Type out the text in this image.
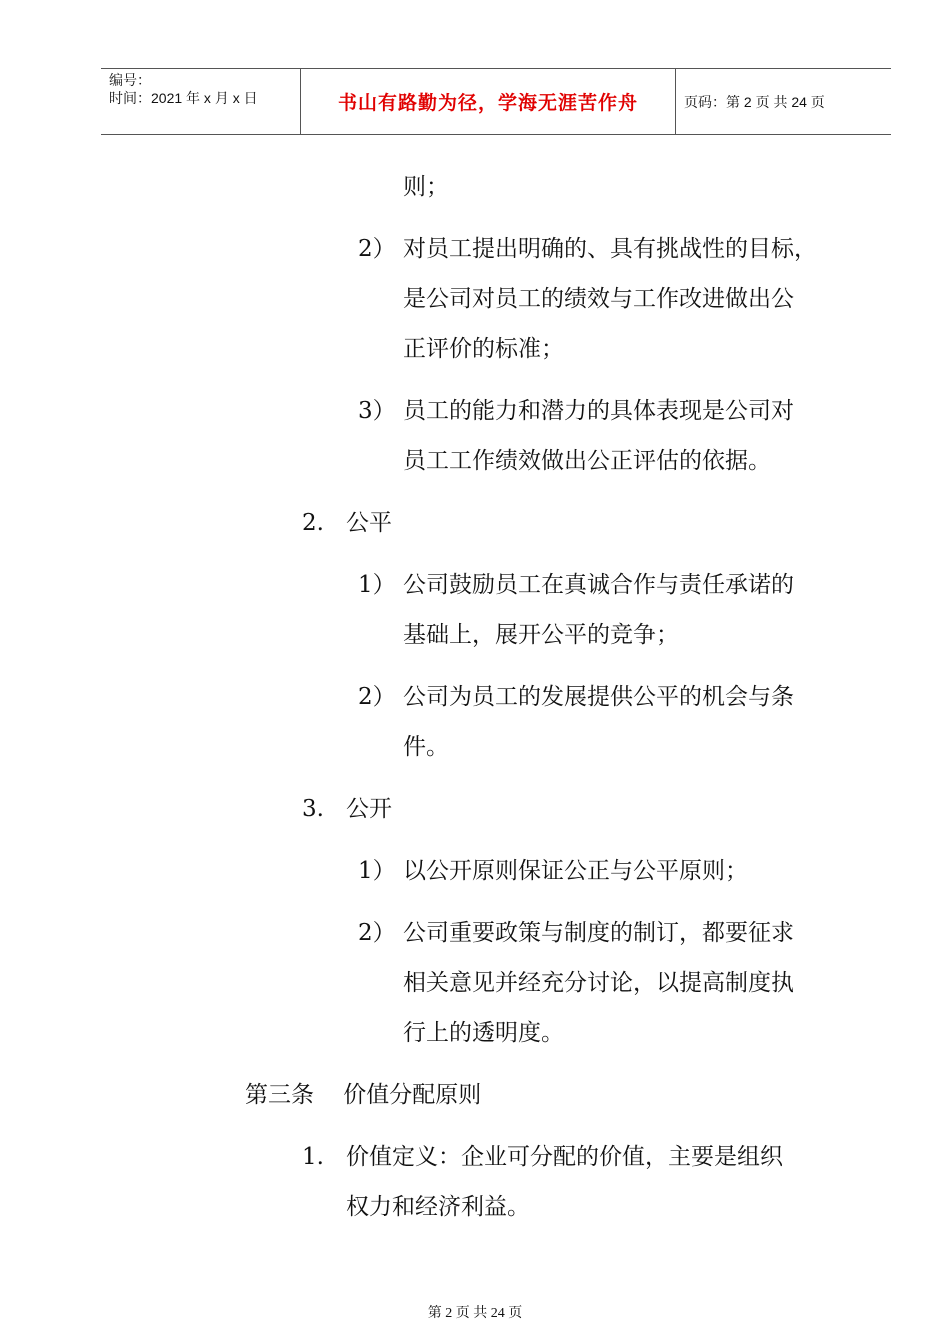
编号：
时间：2021 年 x 月 x 日	书山有路勤为径，学海无涯苦作舟	页码：第 2 页 共 24 页
则；
2） 对员工提出明确的、具有挑战性的目标，
是公司对员工的绩效与工作改进做出公
正评价的标准；
3） 员工的能力和潜力的具体表现是公司对
员工工作绩效做出公正评估的依据。
2. 公平
1） 公司鼓励员工在真诚合作与责任承诺的
基础上，展开公平的竞争；
2） 公司为员工的发展提供公平的机会与条
件。
3. 公开
1） 以公开原则保证公正与公平原则；
2） 公司重要政策与制度的制订，都要征求
相关意见并经充分讨论，以提高制度执
行上的透明度。
第三条    价值分配原则
1. 价值定义：企业可分配的价值，主要是组织
权力和经济利益。
第 2 页 共 24 页
